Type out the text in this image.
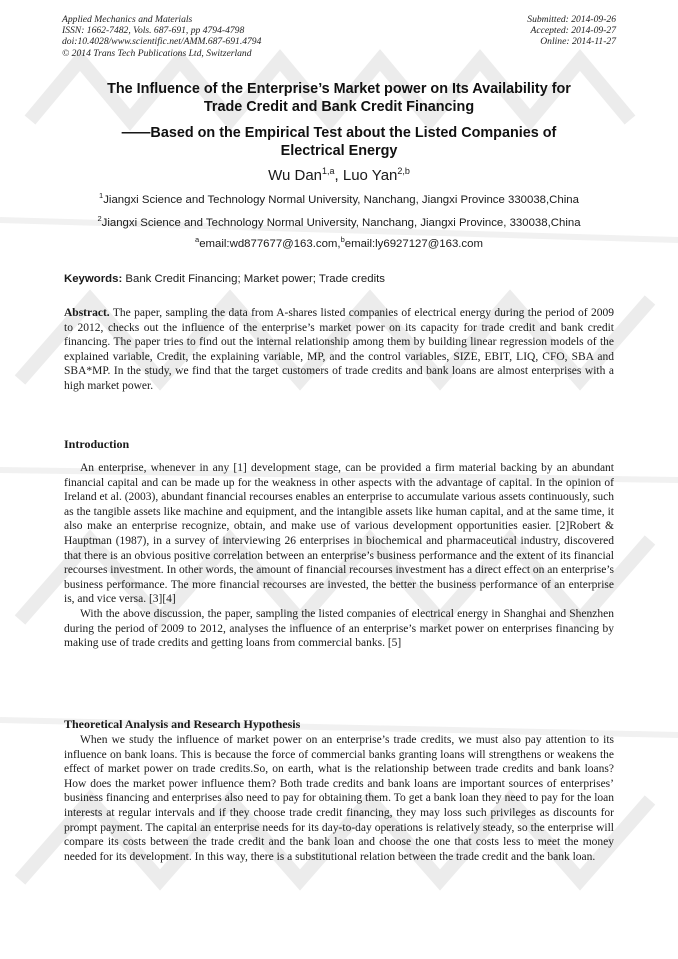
Applied Mechanics and Materials
ISSN: 1662-7482, Vols. 687-691, pp 4794-4798
doi:10.4028/www.scientific.net/AMM.687-691.4794
© 2014 Trans Tech Publications Ltd, Switzerland
Submitted: 2014-09-26
Accepted: 2014-09-27
Online: 2014-11-27
The Influence of the Enterprise’s Market power on Its Availability for
Trade Credit and Bank Credit Financing
——Based on the Empirical Test about the Listed Companies of
Electrical Energy
Wu Dan$^{1,a}$, Luo Yan$^{2,b}$
$^1$Jiangxi Science and Technology Normal University, Nanchang, Jiangxi Province 330038,China
$^2$Jiangxi Science and Technology Normal University, Nanchang, Jiangxi Province, 330038,China
$^a$email:wd877677@163.com,$^b$email:ly6927127@163.com
Keywords: Bank Credit Financing; Market power; Trade credits

Abstract. The paper, sampling the data from A-shares listed companies of electrical energy during the period of 2009 to 2012, checks out the influence of the enterprise’s market power on its capacity for trade credit and bank credit financing. The paper tries to find out the internal relationship among them by building linear regression models of the explained variable, Credit, the explaining variable, MP, and the control variables, SIZE, EBIT, LIQ, CFO, SBA and SBA*MP. In the study, we find that the target customers of trade credits and bank loans are almost enterprises with a high market power.

Introduction

An enterprise, whenever in any [1] development stage, can be provided a firm material backing by an abundant financial capital and can be made up for the weakness in other aspects with the advantage of capital. In the opinion of Ireland et al. (2003), abundant financial recourses enables an enterprise to accumulate various assets continuously, such as the tangible assets like machine and equipment, and the intangible assets like human capital, and at the same time, it also make an enterprise recognize, obtain, and make use of various development opportunities easier. [2]Robert & Hauptman (1987), in a survey of interviewing 26 enterprises in biochemical and pharmaceutical industry, discovered that there is an obvious positive correlation between an enterprise’s business performance and the extent of its financial recourses investment. In other words, the amount of financial recourses investment has a direct effect on an enterprise’s business performance. The more financial recourses are invested, the better the business performance of an enterprise is, and vice versa. [3][4]

With the above discussion, the paper, sampling the listed companies of electrical energy in Shanghai and Shenzhen during the period of 2009 to 2012, analyses the influence of an enterprise’s market power on enterprises financing by making use of trade credits and getting loans from commercial banks. [5]

Theoretical Analysis and Research Hypothesis

When we study the influence of market power on an enterprise’s trade credits, we must also pay attention to its influence on bank loans. This is because the force of commercial banks granting loans will strengthens or weakens the effect of market power on trade credits.So, on earth, what is the relationship between trade credits and bank loans? How does the market power influence them? Both trade credits and bank loans are important sources of enterprises’ business financing and enterprises also need to pay for obtaining them. To get a bank loan they need to pay for the loan interests at regular intervals and if they choose trade credit financing, they may loss such privileges as discounts for prompt payment. The capital an enterprise needs for its day-to-day operations is relatively steady, so the enterprise will compare its costs between the trade credit and the bank loan and choose the one that costs less to meet the money needed for its development. In this way, there is a substitutional relation between the trade credit and the bank loan.
